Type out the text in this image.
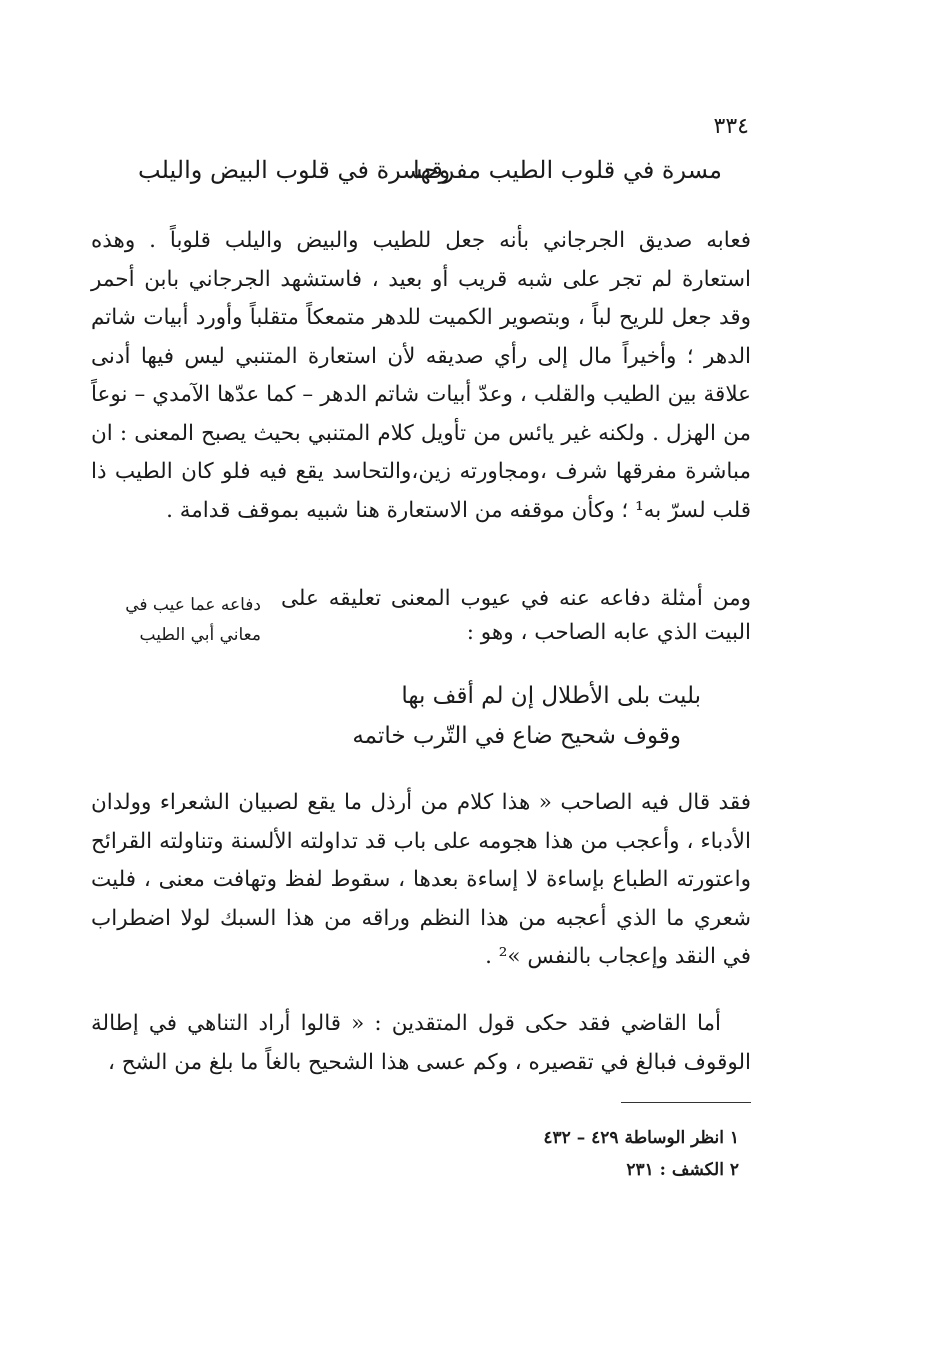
٣٣٤
مسرة في قلوب الطيب مفرقها
وحسرة في قلوب البيض واليلب

فعابه صديق الجرجاني بأنه جعل للطيب والبيض واليلب قلوباً . وهذه استعارة لم تجر على شبه قريب أو بعيد ، فاستشهد الجرجاني بابن أحمر وقد جعل للريح لباً ، وبتصوير الكميت للدهر متمعكاً متقلباً وأورد أبيات شاتم الدهر ؛ وأخيراً مال إلى رأي صديقه لأن استعارة المتنبي ليس فيها أدنى علاقة بين الطيب والقلب ، وعدّ أبيات شاتم الدهر – كما عدّها الآمدي – نوعاً من الهزل . ولكنه غير يائس من تأويل كلام المتنبي بحيث يصبح المعنى : ان مباشرة مفرقها شرف ،ومجاورته زين،والتحاسد يقع فيه فلو كان الطيب ذا قلب لسرّ به¹ ؛ وكأن موقفه من الاستعارة هنا شبيه بموقف قدامة .

دفاعه عما عيب في معاني أبي الطيب

ومن أمثلة دفاعه عنه في عيوب المعنى تعليقه على البيت الذي عابه الصاحب ، وهو :

بليت بلى الأطلال إن لم أقف بها
وقوف شحيح ضاع في التّرب خاتمه

فقد قال فيه الصاحب « هذا كلام من أرذل ما يقع لصبيان الشعراء وولدان الأدباء ، وأعجب من هذا هجومه على باب قد تداولته الألسنة وتناولته القرائح واعتورته الطباع بإساءة لا إساءة بعدها ، سقوط لفظ وتهافت معنى ، فليت شعري ما الذي أعجبه من هذا النظم وراقه من هذا السبك لولا اضطراب في النقد وإعجاب بالنفس »² .

أما القاضي فقد حكى قول المتقدين : « قالوا أراد التناهي في إطالة الوقوف فبالغ في تقصيره ، وكم عسى هذا الشحيح بالغاً ما بلغ من الشح ،

١ انظر الوساطة ٤٢٩ – ٤٣٢
٢ الكشف : ٢٣١
